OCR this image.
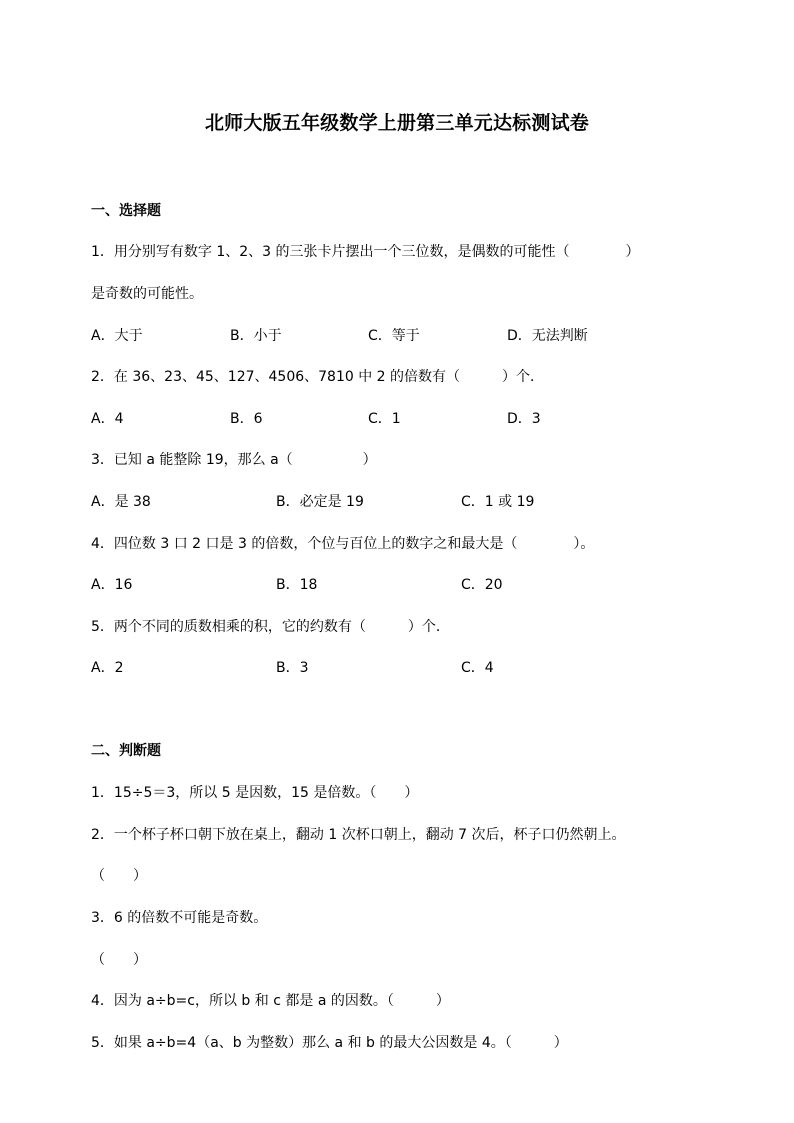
北师大版五年级数学上册第三单元达标测试卷
一、选择题
1．用分别写有数字 1、2、3 的三张卡片摆出一个三位数，是偶数的可能性（　　　　）
是奇数的可能性。
A．大于	B．小于	C．等于	D．无法判断
2．在 36、23、45、127、4506、7810 中 2 的倍数有（　　　）个．
A．4	B．6	C．1	D．3
3．已知 a 能整除 19，那么 a（　　　　　）
A．是 38	B．必定是 19	C．1 或 19
4．四位数 3 口 2 口是 3 的倍数，个位与百位上的数字之和最大是（　　　　）。
A．16	B．18	C．20
5．两个不同的质数相乘的积，它的约数有（　　　）个．
A．2	B．3	C．4
二、判断题
1．15÷5＝3，所以 5 是因数，15 是倍数。（　　）
2．一个杯子杯口朝下放在桌上，翻动 1 次杯口朝上，翻动 7 次后，杯子口仍然朝上。
（　　）
3．6 的倍数不可能是奇数。
（　　）
4．因为 a÷b=c，所以 b 和 c 都是 a 的因数。（　　　）
5．如果 a÷b=4（a、b 为整数）那么 a 和 b 的最大公因数是 4。（　　　）
